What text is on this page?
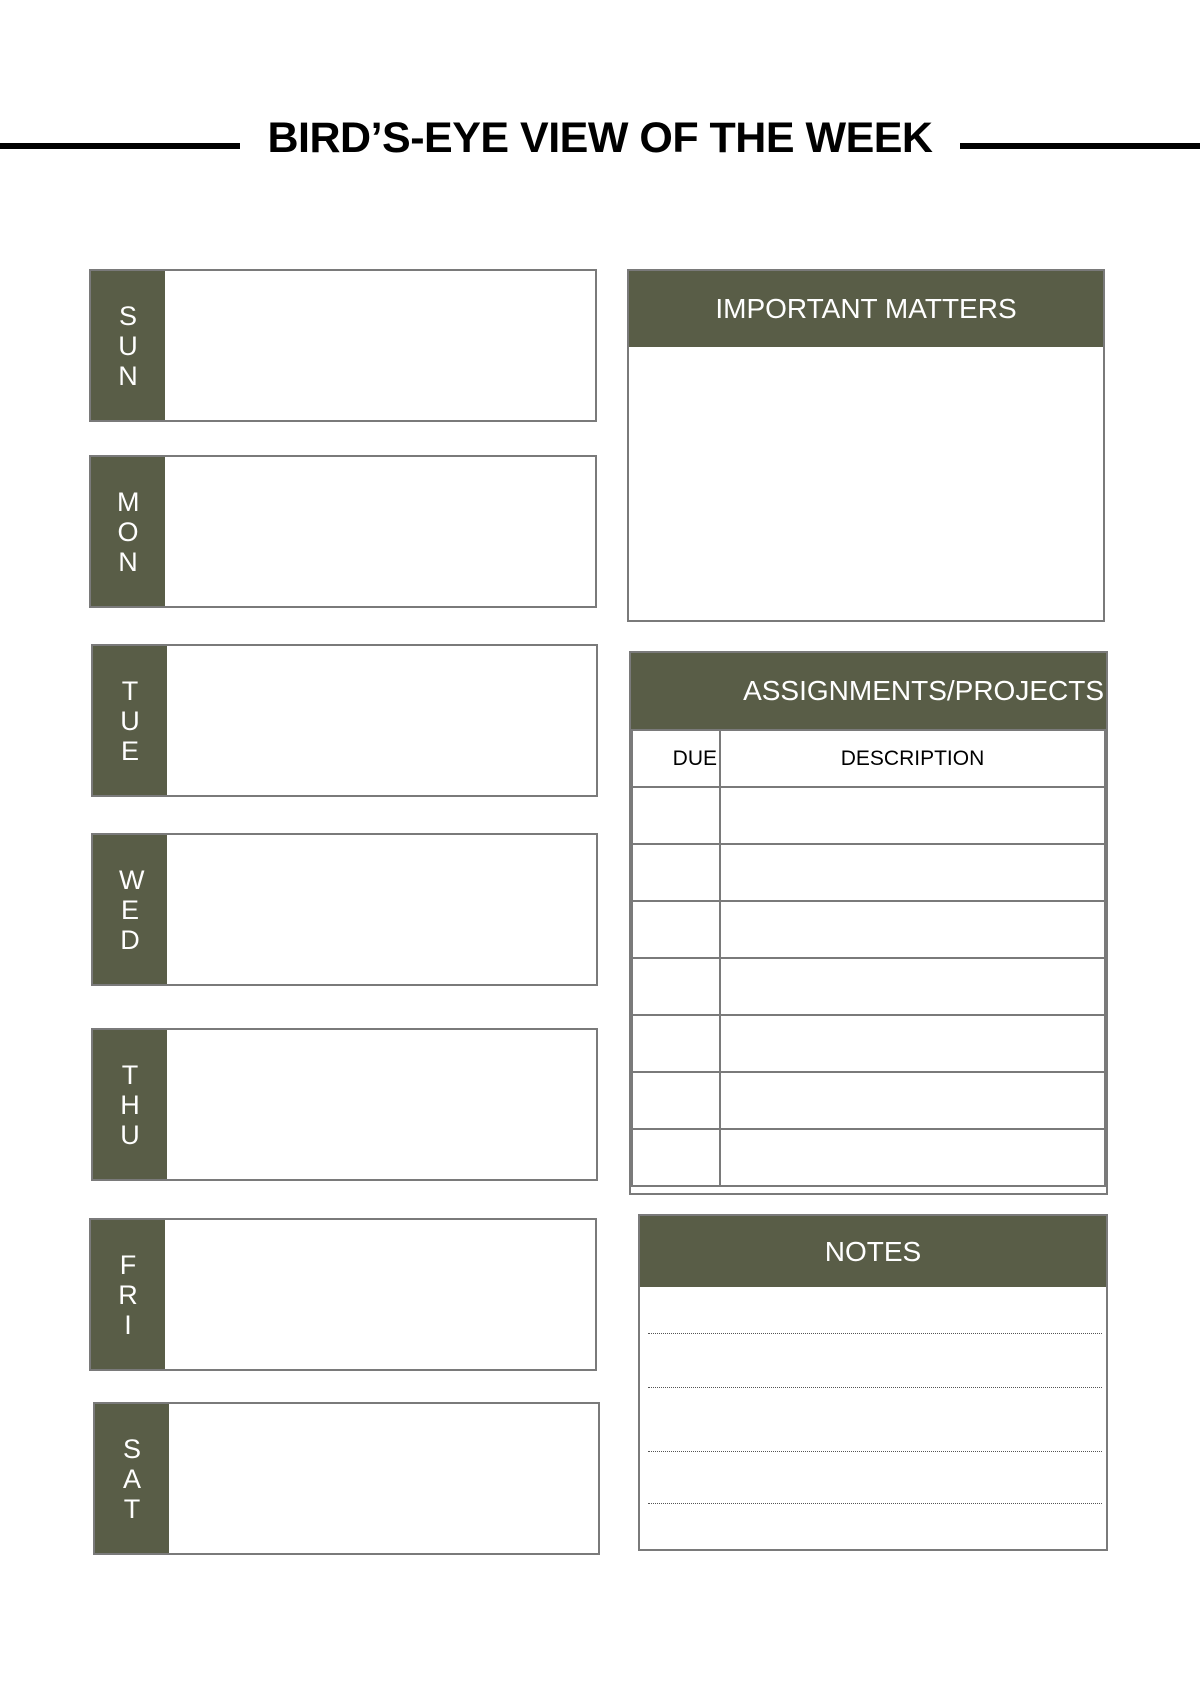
BIRD’S-EYE VIEW OF THE WEEK
SUN
MON
TUE
WED
THU
FRI
SAT
IMPORTANT MATTERS
ASSIGNMENTS/PROJECTS
DUE	DESCRIPTION

NOTES
